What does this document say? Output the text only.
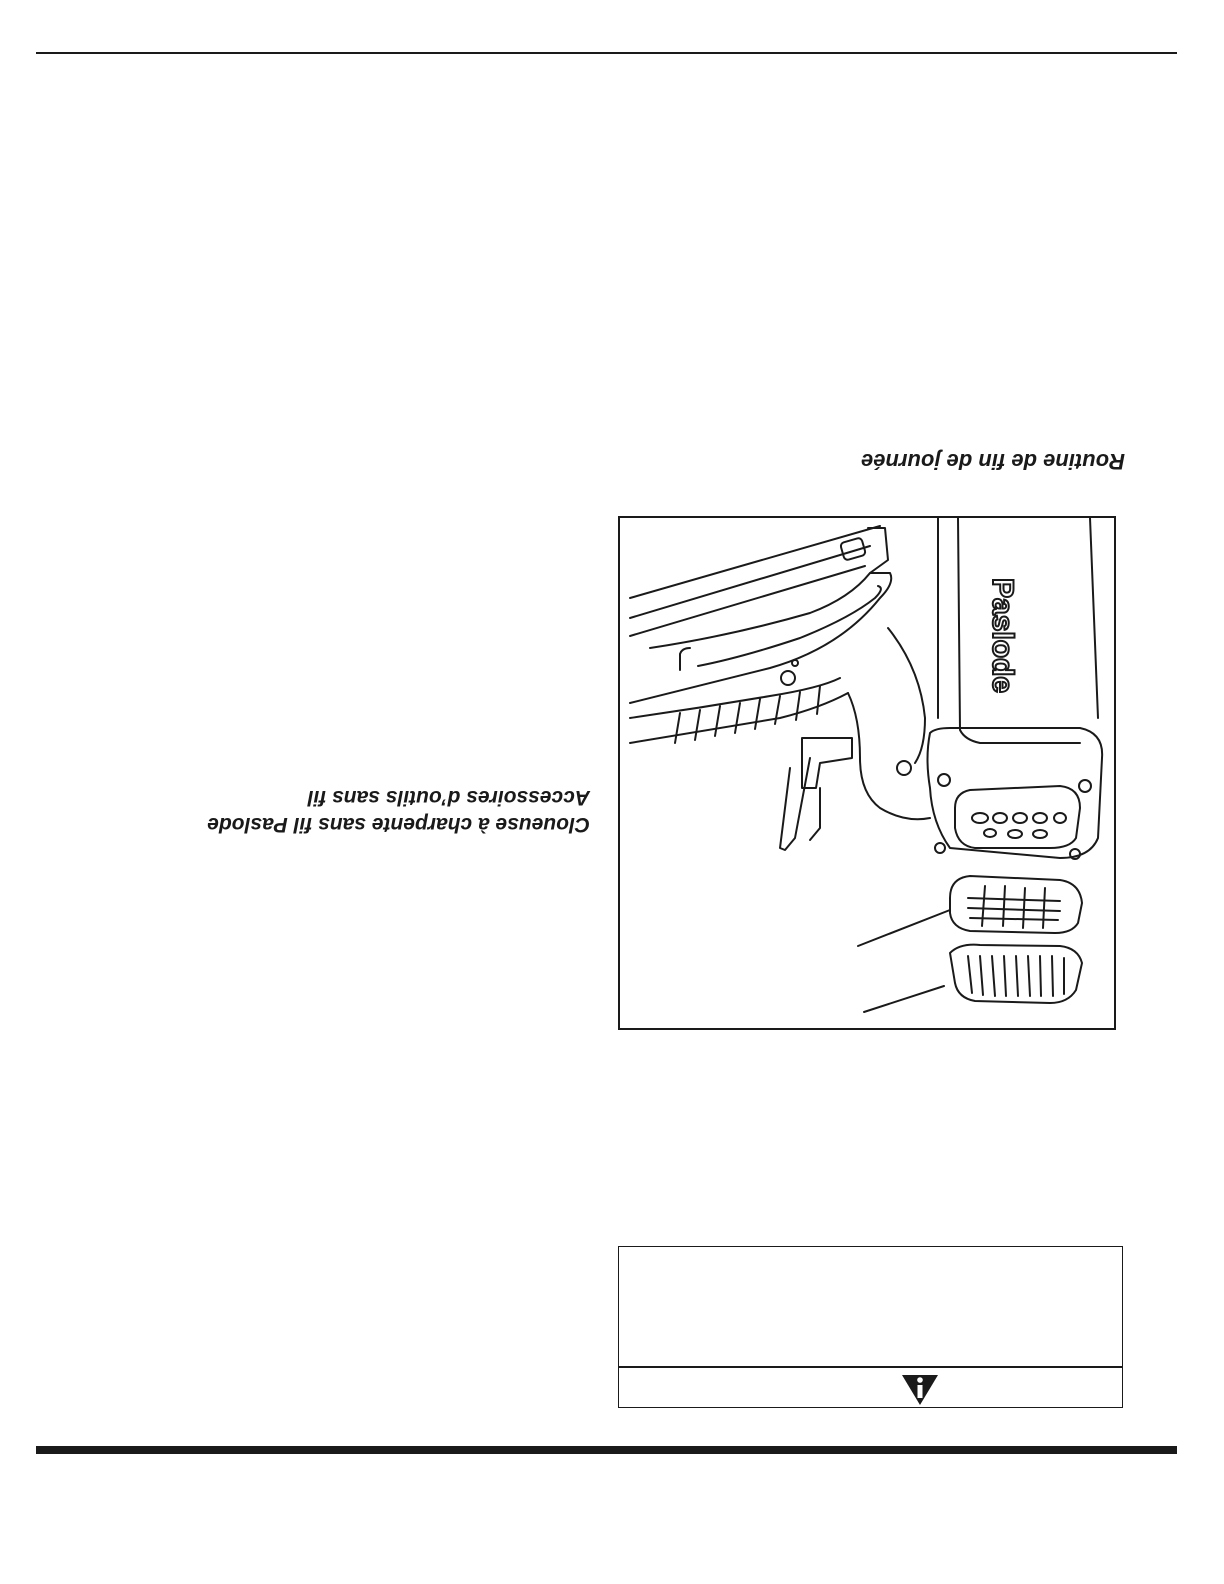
Routine de fin de journée
Cloueuse à charpente sans fil Paslode
Accessoires d’outils sans fil
Paslode
